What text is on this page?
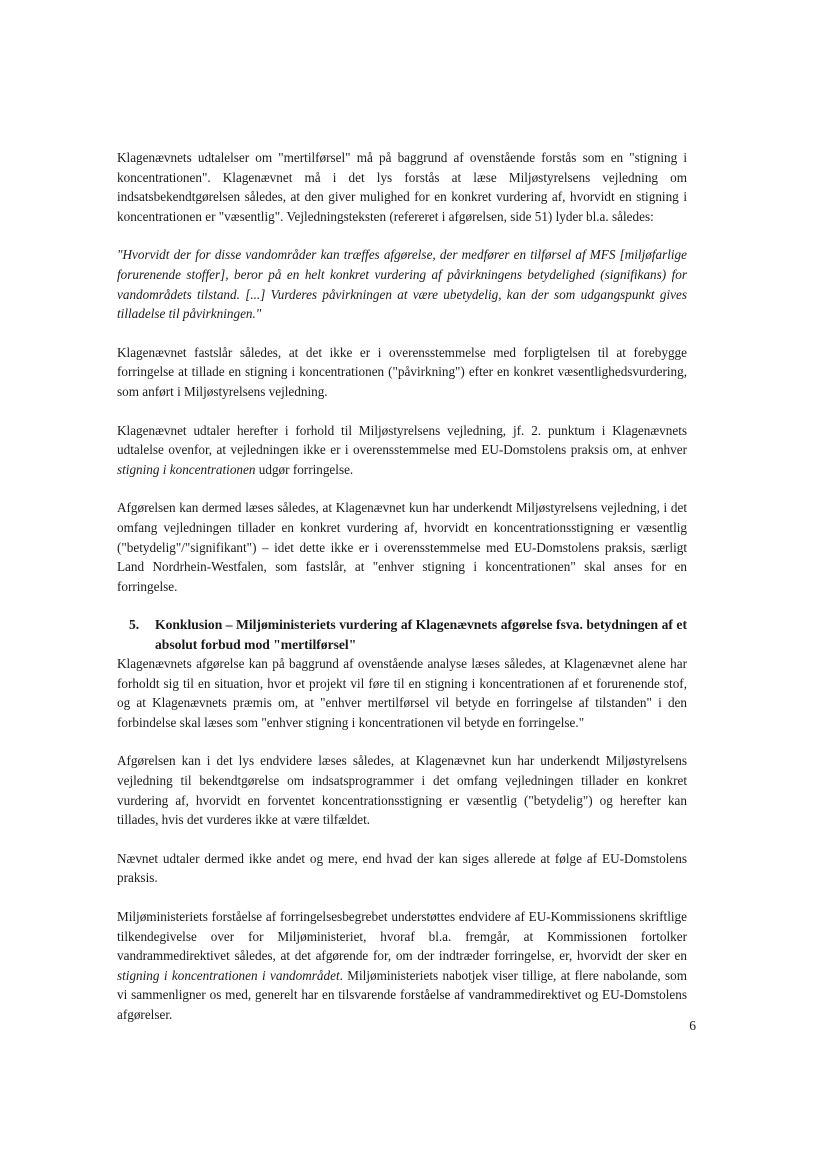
Klagenævnets udtalelser om "mertilførsel" må på baggrund af ovenstående forstås som en "stigning i koncentrationen". Klagenævnet må i det lys forstås at læse Miljøstyrelsens vejledning om indsatsbekendtgørelsen således, at den giver mulighed for en konkret vurdering af, hvorvidt en stigning i koncentrationen er "væsentlig". Vejledningsteksten (refereret i afgørelsen, side 51) lyder bl.a. således:

"Hvorvidt der for disse vandområder kan træffes afgørelse, der medfører en tilførsel af MFS [miljøfarlige forurenende stoffer], beror på en helt konkret vurdering af påvirkningens betydelighed (signifikans) for vandområdets tilstand. [...] Vurderes påvirkningen at være ubetydelig, kan der som udgangspunkt gives tilladelse til påvirkningen."

Klagenævnet fastslår således, at det ikke er i overensstemmelse med forpligtelsen til at forebygge forringelse at tillade en stigning i koncentrationen ("påvirkning") efter en konkret væsentlighedsvurdering, som anført i Miljøstyrelsens vejledning.

Klagenævnet udtaler herefter i forhold til Miljøstyrelsens vejledning, jf. 2. punktum i Klagenævnets udtalelse ovenfor, at vejledningen ikke er i overensstemmelse med EU-Domstolens praksis om, at enhver stigning i koncentrationen udgør forringelse.

Afgørelsen kan dermed læses således, at Klagenævnet kun har underkendt Miljøstyrelsens vejledning, i det omfang vejledningen tillader en konkret vurdering af, hvorvidt en koncentrationsstigning er væsentlig ("betydelig"/"signifikant") – idet dette ikke er i overensstemmelse med EU-Domstolens praksis, særligt Land Nordrhein-Westfalen, som fastslår, at "enhver stigning i koncentrationen" skal anses for en forringelse.

5.	Konklusion – Miljøministeriets vurdering af Klagenævnets afgørelse fsva. betydningen af et absolut forbud mod "mertilførsel"

Klagenævnets afgørelse kan på baggrund af ovenstående analyse læses således, at Klagenævnet alene har forholdt sig til en situation, hvor et projekt vil føre til en stigning i koncentrationen af et forurenende stof, og at Klagenævnets præmis om, at "enhver mertilførsel vil betyde en forringelse af tilstanden" i den forbindelse skal læses som "enhver stigning i koncentrationen vil betyde en forringelse."

Afgørelsen kan i det lys endvidere læses således, at Klagenævnet kun har underkendt Miljøstyrelsens vejledning til bekendtgørelse om indsatsprogrammer i det omfang vejledningen tillader en konkret vurdering af, hvorvidt en forventet koncentrationsstigning er væsentlig ("betydelig") og herefter kan tillades, hvis det vurderes ikke at være tilfældet.

Nævnet udtaler dermed ikke andet og mere, end hvad der kan siges allerede at følge af EU-Domstolens praksis.

Miljøministeriets forståelse af forringelsesbegrebet understøttes endvidere af EU-Kommissionens skriftlige tilkendegivelse over for Miljøministeriet, hvoraf bl.a. fremgår, at Kommissionen fortolker vandrammedirektivet således, at det afgørende for, om der indtræder forringelse, er, hvorvidt der sker en stigning i koncentrationen i vandområdet. Miljøministeriets nabotjek viser tillige, at flere nabolande, som vi sammenligner os med, generelt har en tilsvarende forståelse af vandrammedirektivet og EU-Domstolens afgørelser.

6
